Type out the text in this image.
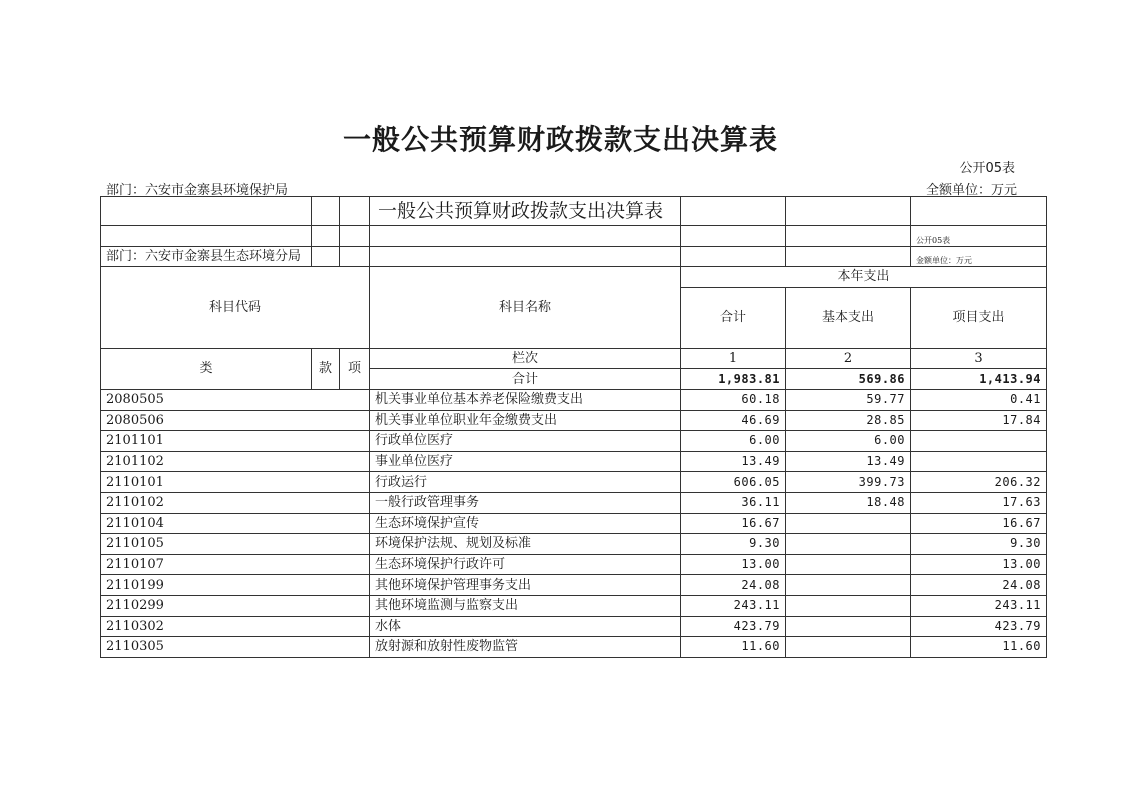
一般公共预算财政拨款支出决算表
公开05表
部门：六安市金寨县环境保护局	全额单位：万元
			一般公共预算财政拨款支出决算表			
						公开05表
部门：六安市金寨县生态环境分局						金额单位：万元
科目代码			科目名称	本年支出		
				合计	基本支出	项目支出
类	款	项	栏次	1	2	3
			合计	1,983.81	569.86	1,413.94
2080505			机关事业单位基本养老保险缴费支出	60.18	59.77	0.41
2080506			机关事业单位职业年金缴费支出	46.69	28.85	17.84
2101101			行政单位医疗	6.00	6.00	
2101102			事业单位医疗	13.49	13.49	
2110101			行政运行	606.05	399.73	206.32
2110102			一般行政管理事务	36.11	18.48	17.63
2110104			生态环境保护宣传	16.67		16.67
2110105			环境保护法规、规划及标准	9.30		9.30
2110107			生态环境保护行政许可	13.00		13.00
2110199			其他环境保护管理事务支出	24.08		24.08
2110299			其他环境监测与监察支出	243.11		243.11
2110302			水体	423.79		423.79
2110305			放射源和放射性废物监管	11.60		11.60
